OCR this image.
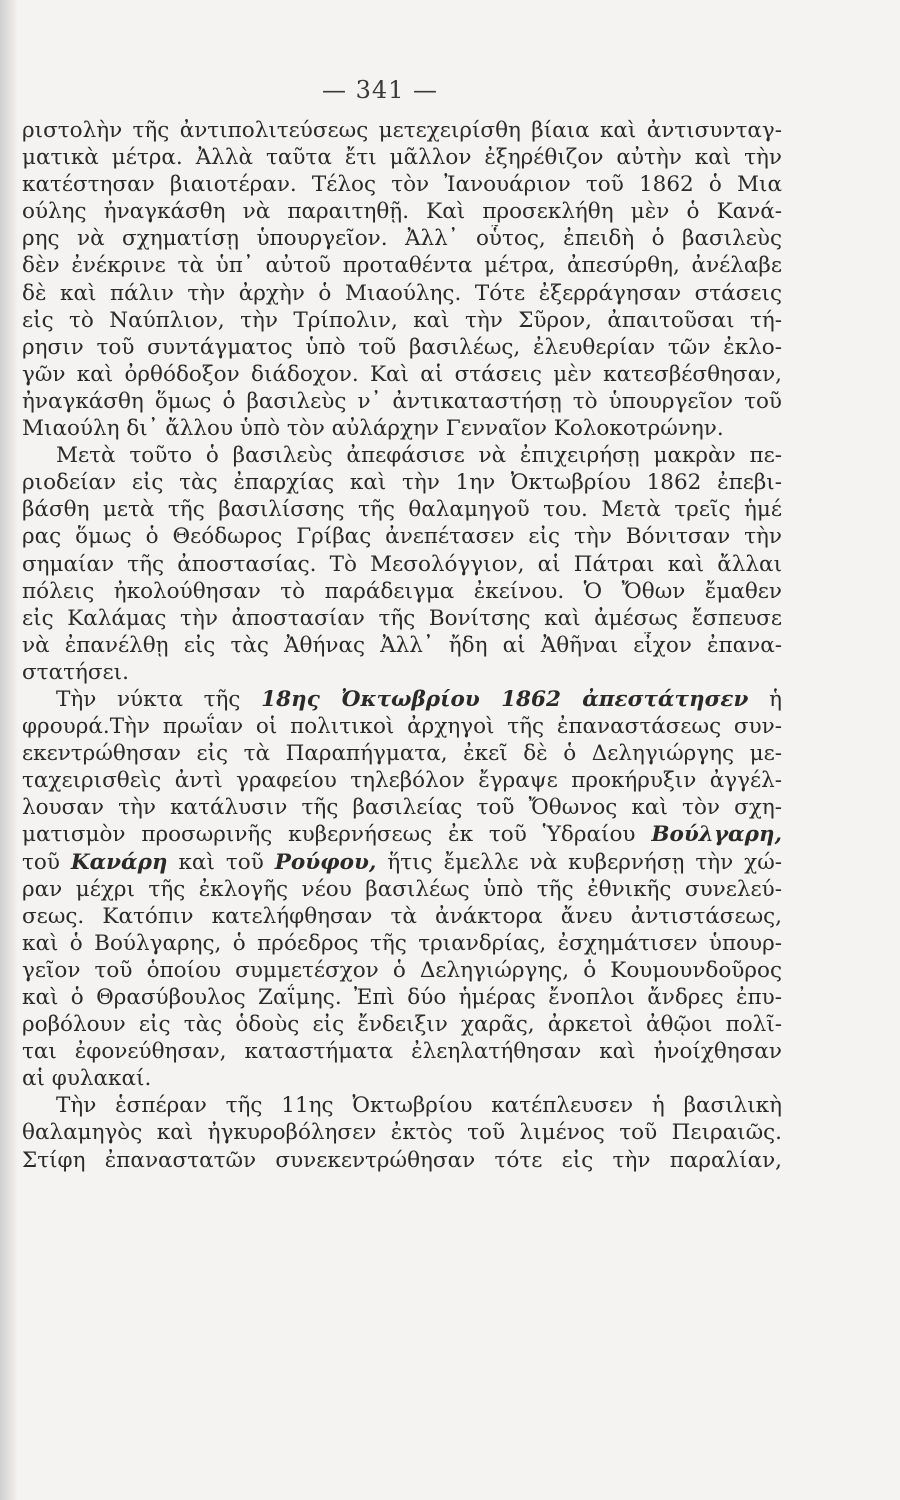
— 341 —
ριστολὴν τῆς ἀντιπολιτεύσεως μετεχειρίσθη βίαια καὶ ἀντισυνταγ-
ματικὰ μέτρα. Ἀλλὰ ταῦτα ἔτι μᾶλλον ἐξηρέθιζον αὐτὴν καὶ τὴν
κατέστησαν βιαιοτέραν. Τέλος τὸν Ἰανουάριον τοῦ 1862 ὁ Μια
ούλης ἠναγκάσθη νὰ παραιτηθῇ. Καὶ προσεκλήθη μὲν ὁ Κανά-
ρης νὰ σχηματίσῃ ὑπουργεῖον. Ἀλλ᾽ οὗτος, ἐπειδὴ ὁ βασιλεὺς
δὲν ἐνέκρινε τὰ ὑπ᾽ αὐτοῦ προταθέντα μέτρα, ἀπεσύρθη, ἀνέλαβε
δὲ καὶ πάλιν τὴν ἀρχὴν ὁ Μιαούλης. Τότε ἐξερράγησαν στάσεις
εἰς τὸ Ναύπλιον, τὴν Τρίπολιν, καὶ τὴν Σῦρον, ἀπαιτοῦσαι τή-
ρησιν τοῦ συντάγματος ὑπὸ τοῦ βασιλέως, ἐλευθερίαν τῶν ἐκλο-
γῶν καὶ ὀρθόδοξον διάδοχον. Καὶ αἱ στάσεις μὲν κατεσβέσθησαν,
ἠναγκάσθη ὅμως ὁ βασιλεὺς ν᾽ ἀντικαταστήσῃ τὸ ὑπουργεῖον τοῦ
Μιαούλη δι᾽ ἄλλου ὑπὸ τὸν αὐλάρχην Γενναῖον Κολοκοτρώνην.
Μετὰ τοῦτο ὁ βασιλεὺς ἀπεφάσισε νὰ ἐπιχειρήσῃ μακρὰν πε-
ριοδείαν εἰς τὰς ἐπαρχίας καὶ τὴν 1ην Ὀκτωβρίου 1862 ἐπεβι-
βάσθη μετὰ τῆς βασιλίσσης τῆς θαλαμηγοῦ του. Μετὰ τρεῖς ἡμέ
ρας ὅμως ὁ Θεόδωρος Γρίβας ἀνεπέτασεν εἰς τὴν Βόνιτσαν τὴν
σημαίαν τῆς ἀποστασίας. Τὸ Μεσολόγγιον, αἱ Πάτραι καὶ ἄλλαι
πόλεις ἠκολούθησαν τὸ παράδειγμα ἐκείνου. Ὁ Ὄθων ἔμαθεν
εἰς Καλάμας τὴν ἀποστασίαν τῆς Βονίτσης καὶ ἀμέσως ἔσπευσε
νὰ ἐπανέλθῃ εἰς τὰς Ἀθήνας Ἀλλ᾽ ἤδη αἱ Ἀθῆναι εἶχον ἐπανα-
στατήσει.
Τὴν νύκτα τῆς 18ης Ὀκτωβρίου 1862 ἀπεστάτησεν ἡ
φρουρά.Τὴν πρωΐαν οἱ πολιτικοὶ ἀρχηγοὶ τῆς ἐπαναστάσεως συν-
εκεντρώθησαν εἰς τὰ Παραπήγματα, ἐκεῖ δὲ ὁ Δεληγιώργης με-
ταχειρισθεὶς ἀντὶ γραφείου τηλεβόλον ἔγραψε προκήρυξιν ἀγγέλ-
λουσαν τὴν κατάλυσιν τῆς βασιλείας τοῦ Ὄθωνος καὶ τὸν σχη-
ματισμὸν προσωρινῆς κυβερνήσεως ἐκ τοῦ Ὑδραίου Βούλγαρη,
τοῦ Κανάρη καὶ τοῦ Ρούφου, ἥτις ἔμελλε νὰ κυβερνήσῃ τὴν χώ-
ραν μέχρι τῆς ἐκλογῆς νέου βασιλέως ὑπὸ τῆς ἐθνικῆς συνελεύ-
σεως. Κατόπιν κατελήφθησαν τὰ ἀνάκτορα ἄνευ ἀντιστάσεως,
καὶ ὁ Βούλγαρης, ὁ πρόεδρος τῆς τριανδρίας, ἐσχημάτισεν ὑπουρ-
γεῖον τοῦ ὁποίου συμμετέσχον ὁ Δεληγιώργης, ὁ Κουμουνδοῦρος
καὶ ὁ Θρασύβουλος Ζαΐμης. Ἐπὶ δύο ἡμέρας ἔνοπλοι ἄνδρες ἐπυ-
ροβόλουν εἰς τὰς ὁδοὺς εἰς ἔνδειξιν χαρᾶς, ἀρκετοὶ ἀθῷοι πολῖ-
ται ἐφονεύθησαν, καταστήματα ἐλεηλατήθησαν καὶ ἠνοίχθησαν
αἱ φυλακαί.
Τὴν ἑσπέραν τῆς 11ης Ὀκτωβρίου κατέπλευσεν ἡ βασιλικὴ
θαλαμηγὸς καὶ ἠγκυροβόλησεν ἐκτὸς τοῦ λιμένος τοῦ Πειραιῶς.
Στίφη ἐπαναστατῶν συνεκεντρώθησαν τότε εἰς τὴν παραλίαν,
